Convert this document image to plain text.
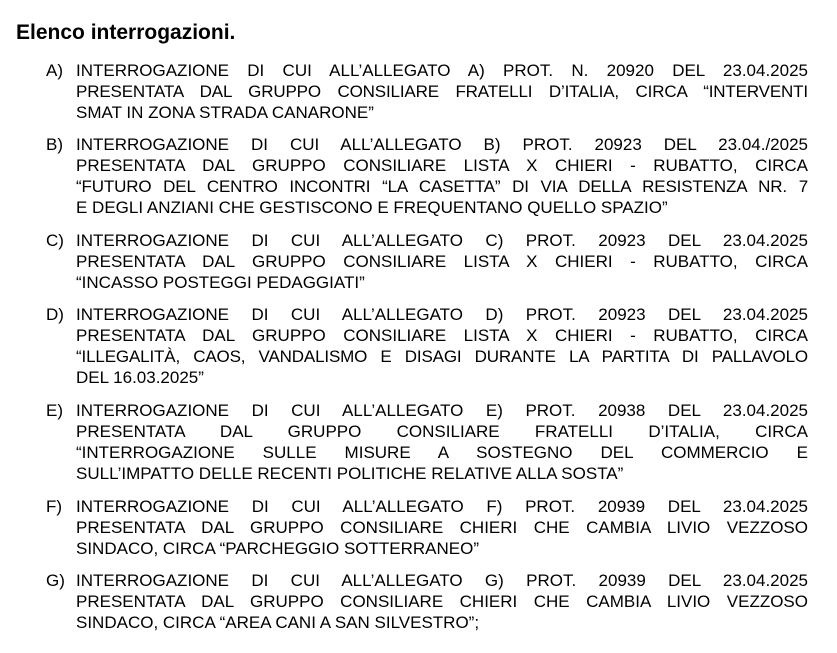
Elenco interrogazioni.
A) INTERROGAZIONE DI CUI ALL’ALLEGATO A) PROT. N. 20920 DEL 23.04.2025
PRESENTATA DAL GRUPPO CONSILIARE FRATELLI D’ITALIA, CIRCA “INTERVENTI
SMAT IN ZONA STRADA CANARONE”
B) INTERROGAZIONE DI CUI ALL’ALLEGATO B) PROT. 20923 DEL 23.04./2025
PRESENTATA DAL GRUPPO CONSILIARE LISTA X CHIERI - RUBATTO, CIRCA
“FUTURO DEL CENTRO INCONTRI “LA CASETTA” DI VIA DELLA RESISTENZA NR. 7
E DEGLI ANZIANI CHE GESTISCONO E FREQUENTANO QUELLO SPAZIO”
C) INTERROGAZIONE DI CUI ALL’ALLEGATO C) PROT. 20923 DEL 23.04.2025
PRESENTATA DAL GRUPPO CONSILIARE LISTA X CHIERI - RUBATTO, CIRCA
“INCASSO POSTEGGI PEDAGGIATI”
D) INTERROGAZIONE DI CUI ALL’ALLEGATO D) PROT. 20923 DEL 23.04.2025
PRESENTATA DAL GRUPPO CONSILIARE LISTA X CHIERI - RUBATTO, CIRCA
“ILLEGALITÀ, CAOS, VANDALISMO E DISAGI DURANTE LA PARTITA DI PALLAVOLO
DEL 16.03.2025”
E) INTERROGAZIONE DI CUI ALL’ALLEGATO E) PROT. 20938 DEL 23.04.2025
PRESENTATA DAL GRUPPO CONSILIARE FRATELLI D’ITALIA, CIRCA
“INTERROGAZIONE SULLE MISURE A SOSTEGNO DEL COMMERCIO E
SULL’IMPATTO DELLE RECENTI POLITICHE RELATIVE ALLA SOSTA”
F) INTERROGAZIONE DI CUI ALL’ALLEGATO F) PROT. 20939 DEL 23.04.2025
PRESENTATA DAL GRUPPO CONSILIARE CHIERI CHE CAMBIA LIVIO VEZZOSO
SINDACO, CIRCA “PARCHEGGIO SOTTERRANEO”
G) INTERROGAZIONE DI CUI ALL’ALLEGATO G) PROT. 20939 DEL 23.04.2025
PRESENTATA DAL GRUPPO CONSILIARE CHIERI CHE CAMBIA LIVIO VEZZOSO
SINDACO, CIRCA “AREA CANI A SAN SILVESTRO”;
